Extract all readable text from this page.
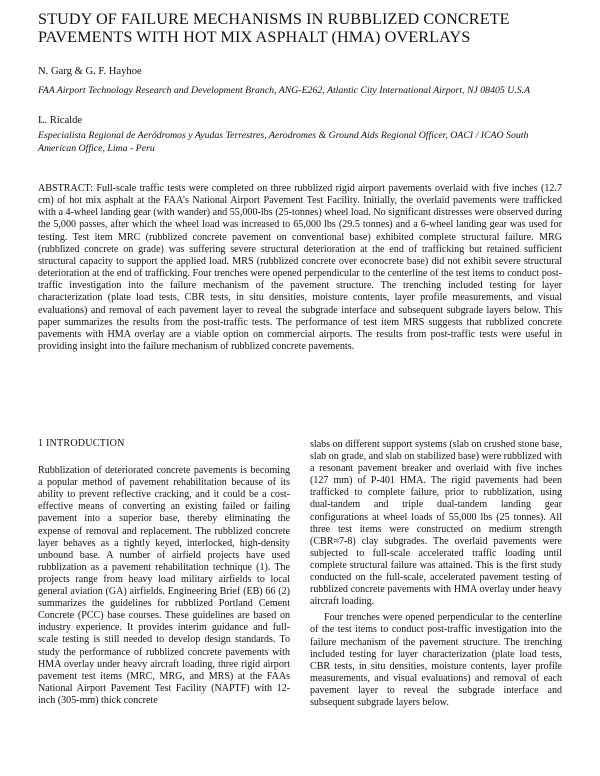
STUDY OF FAILURE MECHANISMS IN RUBBLIZED CONCRETE
PAVEMENTS WITH HOT MIX ASPHALT (HMA) OVERLAYS
N. Garg & G. F. Hayhoe
FAA Airport Technology Research and Development Branch, ANG-E262, Atlantic City International Airport, NJ 08405 U.S.A
L. Ricalde
Especialista Regional de Aeródromos y Ayudas Terrestres, Aerodromes & Ground Aids Regional Officer, OACI / ICAO South American Office, Lima - Peru
ABSTRACT: Full-scale traffic tests were completed on three rubblized rigid airport pavements overlaid with five inches (12.7 cm) of hot mix asphalt at the FAA’s National Airport Pavement Test Facility. Initially, the overlaid pavements were trafficked with a 4-wheel landing gear (with wander) and 55,000-lbs (25-tonnes) wheel load. No significant distresses were observed during the 5,000 passes, after which the wheel load was increased to 65,000 lbs (29.5 tonnes) and a 6-wheel landing gear was used for testing. Test item MRC (rubblized concrete pavement on conventional base) exhibited complete structural failure. MRG (rubblized concrete on grade) was suffering severe structural deterioration at the end of trafficking but retained sufficient structural capacity to support the applied load. MRS (rubblized concrete over econocrete base) did not exhibit severe structural deterioration at the end of trafficking. Four trenches were opened perpendicular to the centerline of the test items to conduct post-traffic investigation into the failure mechanism of the pavement structure. The trenching included testing for layer characterization (plate load tests, CBR tests, in situ densities, moisture contents, layer profile measurements, and visual evaluations) and removal of each pavement layer to reveal the subgrade interface and subsequent subgrade layers below. This paper summarizes the results from the post-traffic tests. The performance of test item MRS suggests that rubblized concrete pavements with HMA overlay are a viable option on commercial airports. The results from post-traffic tests were useful in providing insight into the failure mechanism of rubblized concrete pavements.
1 INTRODUCTION

Rubblization of deteriorated concrete pavements is becoming a popular method of pavement rehabilitation because of its ability to prevent reflective cracking, and it could be a cost-effective means of converting an existing failed or failing pavement into a superior base, thereby eliminating the expense of removal and replacement. The rubblized concrete layer behaves as a tightly keyed, interlocked, high-density unbound base. A number of airfield projects have used rubblization as a pavement rehabilitation technique (1). The projects range from heavy load military airfields to local general aviation (GA) airfields. Engineering Brief (EB) 66 (2) summarizes the guidelines for rubblized Portland Cement Concrete (PCC) base courses. These guidelines are based on industry experience. It provides interim guidance and full-scale testing is still needed to develop design standards. To study the performance of rubblized concrete pavements with HMA overlay under heavy aircraft loading, three rigid airport pavement test items (MRC, MRG, and MRS) at the FAAs National Airport Pavement Test Facility (NAPTF) with 12-inch (305-mm) thick concrete

slabs on different support systems (slab on crushed stone base, slab on grade, and slab on stabilized base) were rubblized with a resonant pavement breaker and overlaid with five inches (127 mm) of P-401 HMA. The rigid pavements had been trafficked to complete failure, prior to rubblization, using dual-tandem and triple dual-tandem landing gear configurations at wheel loads of 55,000 lbs (25 tonnes). All three test items were constructed on medium strength (CBR≈7-8) clay subgrades. The overlaid pavements were subjected to full-scale accelerated traffic loading until complete structural failure was attained. This is the first study conducted on the full-scale, accelerated pavement testing of rubblized concrete pavements with HMA overlay under heavy aircraft loading.

Four trenches were opened perpendicular to the centerline of the test items to conduct post-traffic investigation into the failure mechanism of the pavement structure. The trenching included testing for layer characterization (plate load tests, CBR tests, in situ densities, moisture contents, layer profile measurements, and visual evaluations) and removal of each pavement layer to reveal the subgrade interface and subsequent subgrade layers below.
